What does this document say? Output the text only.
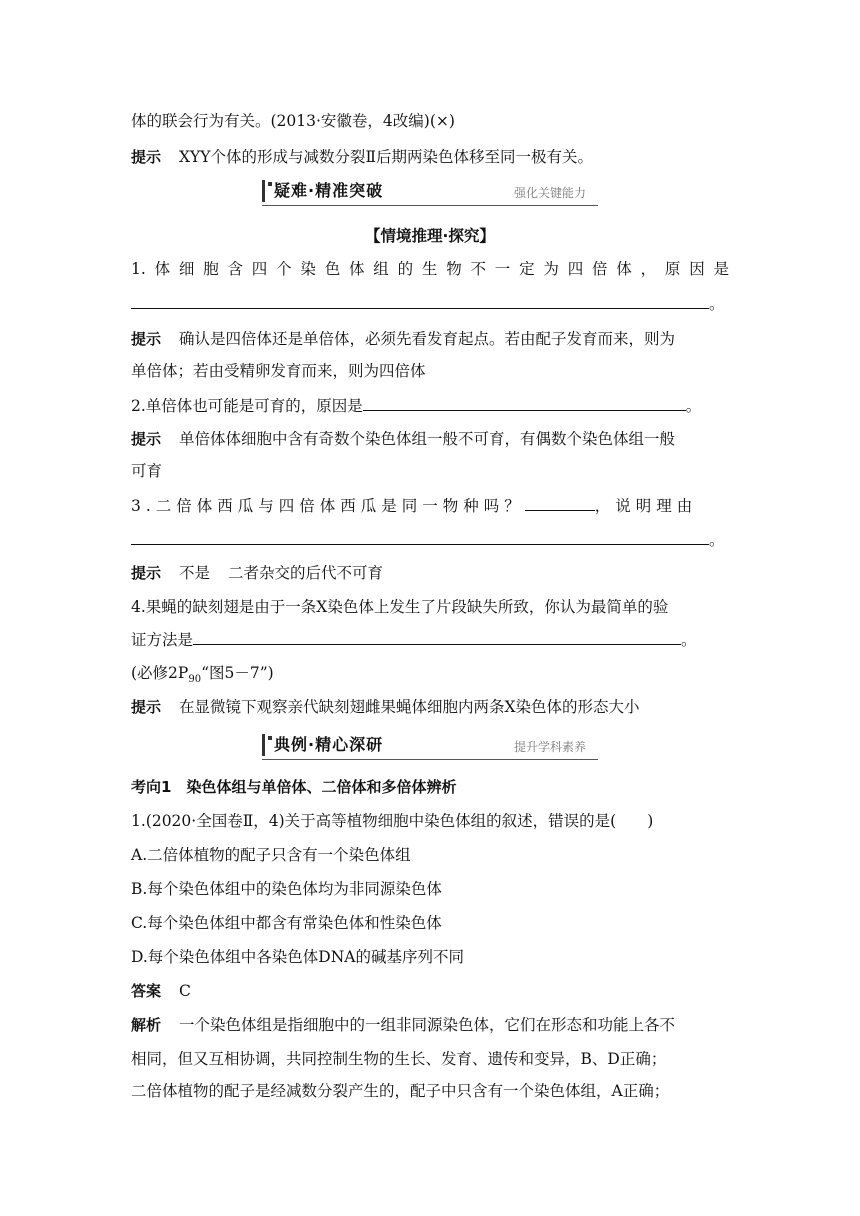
体的联会行为有关。(2013·安徽卷，4改编)(×)
提示 XYY个体的形成与减数分裂Ⅱ后期两染色体移至同一极有关。
疑难·精准突破	强化关键能力
【情境推理·探究】
1.体细胞含四个染色体组的生物不一定为四倍体，原因是
。
提示 确认是四倍体还是单倍体，必须先看发育起点。若由配子发育而来，则为
单倍体；若由受精卵发育而来，则为四倍体
2.单倍体也可能是可育的，原因是	。
提示 单倍体体细胞中含有奇数个染色体组一般不可育，有偶数个染色体组一般
可育
3.二倍体西瓜与四倍体西瓜是同一物种吗？	，说明理由
。
提示 不是 二者杂交的后代不可育
4.果蝇的缺刻翅是由于一条X染色体上发生了片段缺失所致，你认为最简单的验
证方法是	。
(必修$2P_{90}“$图5－7”)
提示 在显微镜下观察亲代缺刻翅雌果蝇体细胞内两条X染色体的形态大小
典例·精心深研	提升学科素养
考向1　染色体组与单倍体、二倍体和多倍体辨析
1.(2020·全国卷Ⅱ，4)关于高等植物细胞中染色体组的叙述，错误的是(　　)
A.二倍体植物的配子只含有一个染色体组
B.每个染色体组中的染色体均为非同源染色体
C.每个染色体组中都含有常染色体和性染色体
D.每个染色体组中各染色体DNA的碱基序列不同
答案 C
解析 一个染色体组是指细胞中的一组非同源染色体，它们在形态和功能上各不
相同，但又互相协调，共同控制生物的生长、发育、遗传和变异，B、D正确；
二倍体植物的配子是经减数分裂产生的，配子中只含有一个染色体组，A正确；
